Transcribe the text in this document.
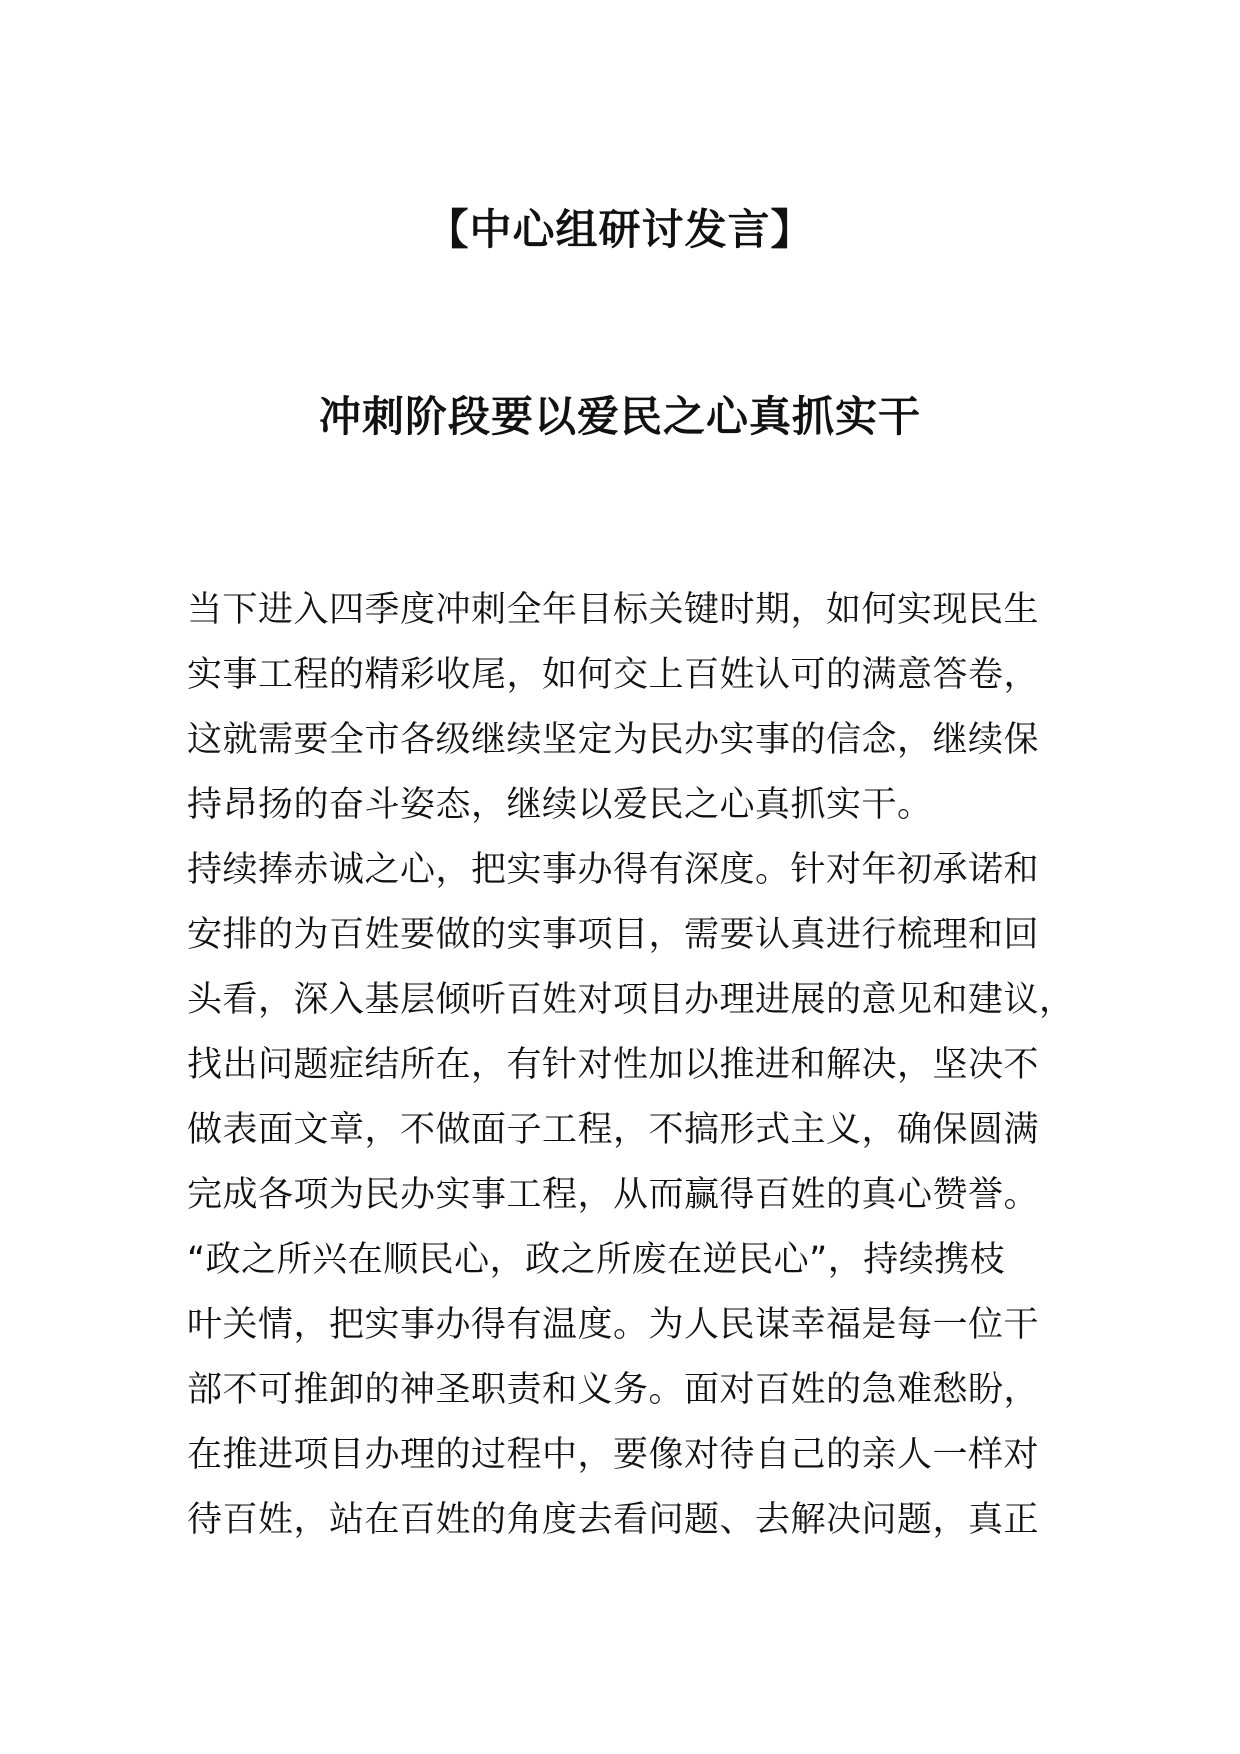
【中心组研讨发言】
冲刺阶段要以爱民之心真抓实干
当下进入四季度冲刺全年目标关键时期，如何实现民生
实事工程的精彩收尾，如何交上百姓认可的满意答卷，
这就需要全市各级继续坚定为民办实事的信念，继续保
持昂扬的奋斗姿态，继续以爱民之心真抓实干。
持续捧赤诚之心，把实事办得有深度。针对年初承诺和
安排的为百姓要做的实事项目，需要认真进行梳理和回
头看，深入基层倾听百姓对项目办理进展的意见和建议，
找出问题症结所在，有针对性加以推进和解决，坚决不
做表面文章，不做面子工程，不搞形式主义，确保圆满
完成各项为民办实事工程，从而赢得百姓的真心赞誉。
“政之所兴在顺民心，政之所废在逆民心”，持续携枝
叶关情，把实事办得有温度。为人民谋幸福是每一位干
部不可推卸的神圣职责和义务。面对百姓的急难愁盼，
在推进项目办理的过程中，要像对待自己的亲人一样对
待百姓，站在百姓的角度去看问题、去解决问题，真正
